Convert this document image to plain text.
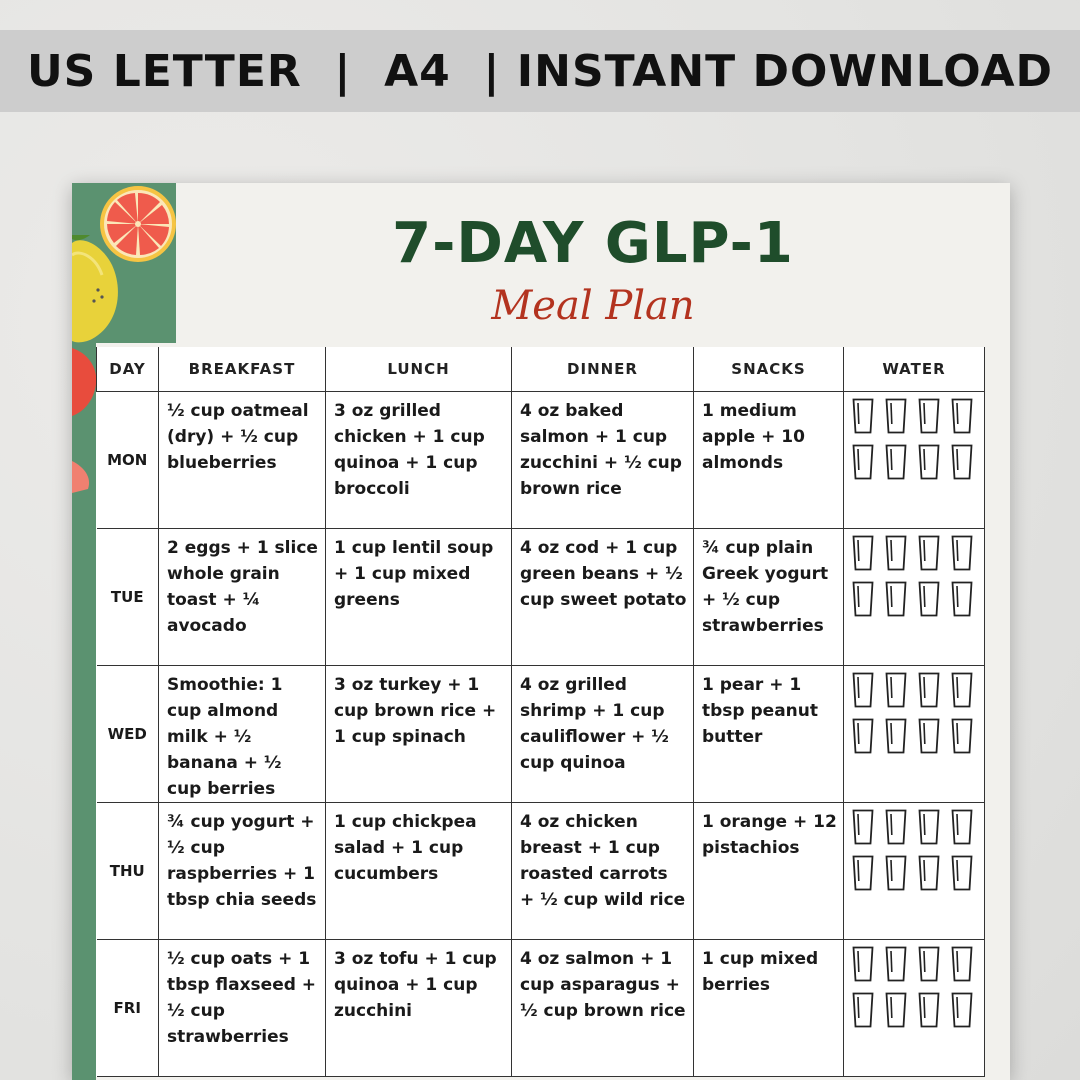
US LETTER  |  A4  | INSTANT DOWNLOAD
7-DAY GLP-1
Meal Plan
DAY	BREAKFAST	LUNCH	DINNER	SNACKS	WATER
MON	½ cup oatmeal (dry) + ½ cup blueberries	3 oz grilled chicken + 1 cup quinoa + 1 cup broccoli	4 oz baked salmon + 1 cup zucchini + ½ cup brown rice	1 medium apple + 10 almonds	

TUE	2 eggs + 1 slice whole grain toast + ¼ avocado	1 cup lentil soup + 1 cup mixed greens	4 oz cod + 1 cup green beans + ½ cup sweet potato	¾ cup plain Greek yogurt + ½ cup strawberries	

WED	Smoothie: 1 cup almond milk + ½ banana + ½ cup berries	3 oz turkey + 1 cup brown rice + 1 cup spinach	4 oz grilled shrimp + 1 cup cauliflower + ½ cup quinoa	1 pear + 1 tbsp peanut butter	

THU	¾ cup yogurt + ½ cup raspberries + 1 tbsp chia seeds	1 cup chickpea salad + 1 cup cucumbers	4 oz chicken breast + 1 cup roasted carrots + ½ cup wild rice	1 orange + 12 pistachios	

FRI	½ cup oats + 1 tbsp flaxseed + ½ cup strawberries	3 oz tofu + 1 cup quinoa + 1 cup zucchini	4 oz salmon + 1 cup asparagus + ½ cup brown rice	1 cup mixed berries	
